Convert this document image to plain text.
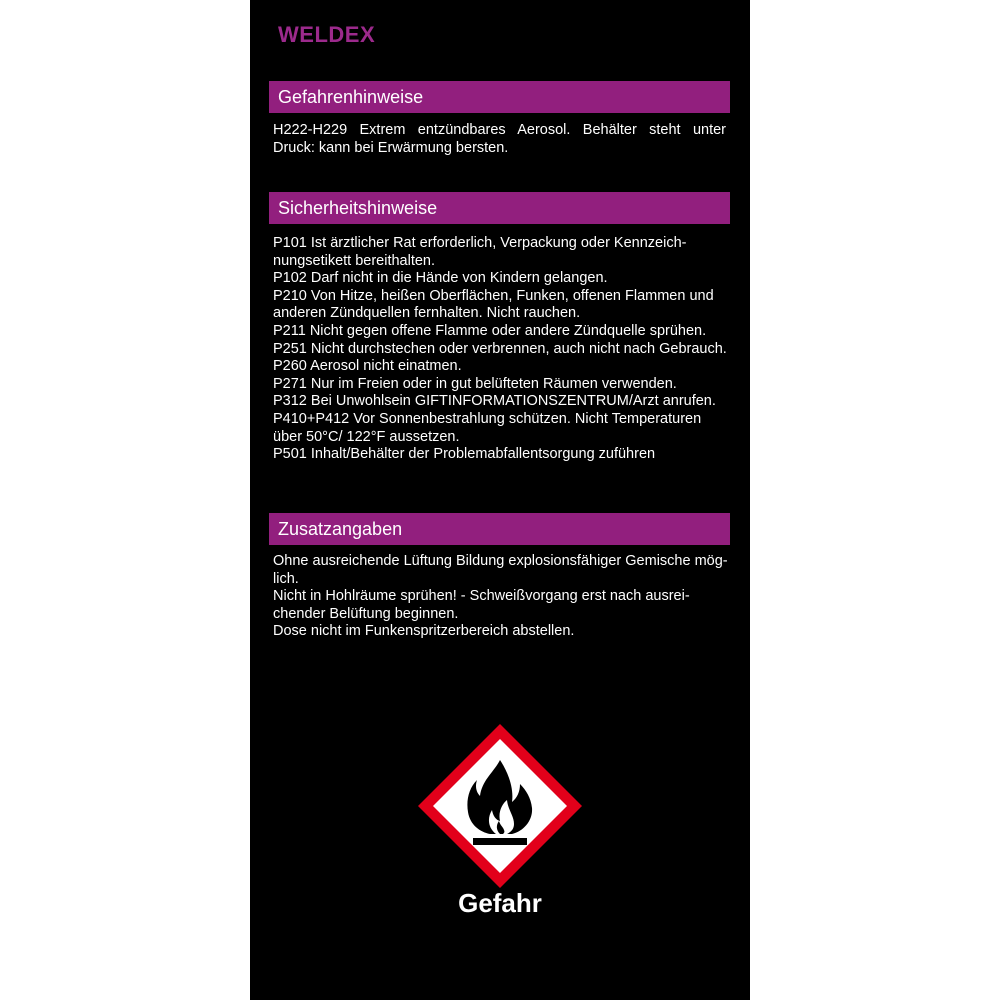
WELDEX
Gefahrenhinweise
H222-H229 Extrem entzündbares Aerosol. Behälter steht unter
Druck: kann bei Erwärmung bersten.
Sicherheitshinweise
P101 Ist ärztlicher Rat erforderlich, Verpackung oder Kennzeich-
nungsetikett bereithalten.
P102 Darf nicht in die Hände von Kindern gelangen.
P210 Von Hitze, heißen Oberflächen, Funken, offenen Flammen und
anderen Zündquellen fernhalten. Nicht rauchen.
P211 Nicht gegen offene Flamme oder andere Zündquelle sprühen.
P251 Nicht durchstechen oder verbrennen, auch nicht nach Gebrauch.
P260 Aerosol nicht einatmen.
P271 Nur im Freien oder in gut belüfteten Räumen verwenden.
P312 Bei Unwohlsein GIFTINFORMATIONSZENTRUM/Arzt anrufen.
P410+P412 Vor Sonnenbestrahlung schützen. Nicht Temperaturen
über 50°C/ 122°F aussetzen.
P501 Inhalt/Behälter der Problemabfallentsorgung zuführen
Zusatzangaben
Ohne ausreichende Lüftung Bildung explosionsfähiger Gemische mög-
lich.
Nicht in Hohlräume sprühen! - Schweißvorgang erst nach ausrei-
chender Belüftung beginnen.
Dose nicht im Funkenspritzerbereich abstellen.
Gefahr
